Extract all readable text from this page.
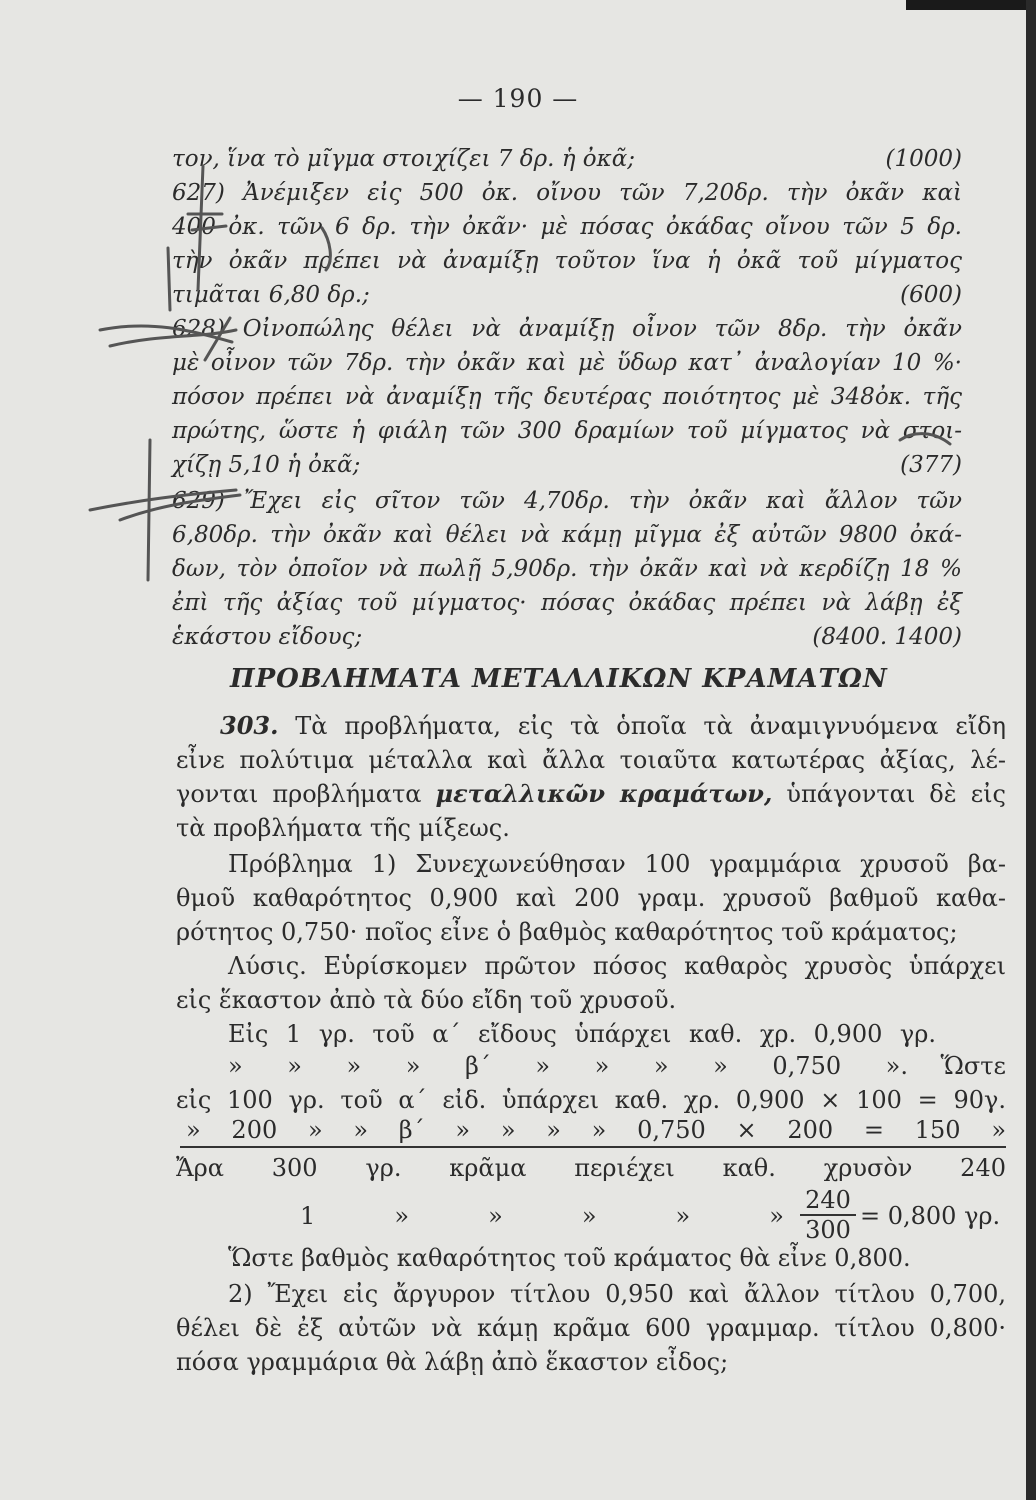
— 190 —
τον, ἵνα τὸ μῖγμα στοιχίζει 7 δρ. ἡ ὀκᾶ;	(1000)
627) Ἀνέμιξεν εἰς 500 ὀκ. οἴνου τῶν 7,20δρ. τὴν ὀκᾶν καὶ
400 ὀκ. τῶν 6 δρ. τὴν ὀκᾶν· μὲ πόσας ὀκάδας οἴνου τῶν 5 δρ.
τὴν ὀκᾶν πρέπει νὰ ἀναμίξῃ τοῦτον ἵνα ἡ ὀκᾶ τοῦ μίγματος
τιμᾶται 6,80 δρ.;	(600)
628) Οἰνοπώλης θέλει νὰ ἀναμίξῃ οἶνον τῶν 8δρ. τὴν ὀκᾶν
μὲ οἶνον τῶν 7δρ. τὴν ὀκᾶν καὶ μὲ ὕδωρ κατ᾿ ἀναλογίαν 10 %·
πόσον πρέπει νὰ ἀναμίξῃ τῆς δευτέρας ποιότητος μὲ 348ὀκ. τῆς
πρώτης, ὥστε ἡ φιάλη τῶν 300 δραμίων τοῦ μίγματος νὰ στοι-
χίζῃ 5,10 ἡ ὀκᾶ;	(377)
629) Ἔχει εἰς σῖτον τῶν 4,70δρ. τὴν ὀκᾶν καὶ ἄλλον τῶν
6,80δρ. τὴν ὀκᾶν καὶ θέλει νὰ κάμῃ μῖγμα ἐξ αὐτῶν 9800 ὀκά-
δων, τὸν ὁποῖον νὰ πωλῇ 5,90δρ. τὴν ὀκᾶν καὶ νὰ κερδίζῃ 18 %
ἐπὶ τῆς ἀξίας τοῦ μίγματος· πόσας ὀκάδας πρέπει νὰ λάβῃ ἐξ
ἑκάστου εἴδους;	(8400. 1400)
ΠΡΟΒΛΗΜΑΤΑ ΜΕΤΑΛΛΙΚΩΝ ΚΡΑΜΑΤΩΝ
303. Τὰ προβλήματα, εἰς τὰ ὁποῖα τὰ ἀναμιγνυόμενα εἴδη
εἶνε πολύτιμα μέταλλα καὶ ἄλλα τοιαῦτα κατωτέρας ἀξίας, λέ-
γονται προβλήματα μεταλλικῶν κραμάτων, ὑπάγονται δὲ εἰς
τὰ προβλήματα τῆς μίξεως.
Πρόβλημα 1) Συνεχωνεύθησαν 100 γραμμάρια χρυσοῦ βα-
θμοῦ καθαρότητος 0,900 καὶ 200 γραμ. χρυσοῦ βαθμοῦ καθα-
ρότητος 0,750· ποῖος εἶνε ὁ βαθμὸς καθαρότητος τοῦ κράματος;
Λύσις. Εὑρίσκομεν πρῶτον πόσος καθαρὸς χρυσὸς ὑπάρχει
εἰς ἕκαστον ἀπὸ τὰ δύο εἴδη τοῦ χρυσοῦ.
Εἰς 1 γρ. τοῦ α´ εἴδους ὑπάρχει καθ. χρ. 0,900 γρ.
» » » » β´ » » » » 0,750 ». Ὥστε
εἰς 100 γρ. τοῦ α´ εἰδ. ὑπάρχει καθ. χρ. 0,900 × 100 = 90γ.
» 200 » » β´ » » » » 0,750 × 200 = 150 »
Ἄρα 300 γρ. κρᾶμα περιέχει καθ. χρυσὸν 240
1 » » » » » $\frac{240}{300} = 0,800$ γρ.
Ὥστε βαθμὸς καθαρότητος τοῦ κράματος θὰ εἶνε 0,800.
2) Ἔχει εἰς ἄργυρον τίτλου 0,950 καὶ ἄλλον τίτλου 0,700,
θέλει δὲ ἐξ αὐτῶν νὰ κάμῃ κρᾶμα 600 γραμμαρ. τίτλου 0,800·
πόσα γραμμάρια θὰ λάβῃ ἀπὸ ἕκαστον εἶδος;
